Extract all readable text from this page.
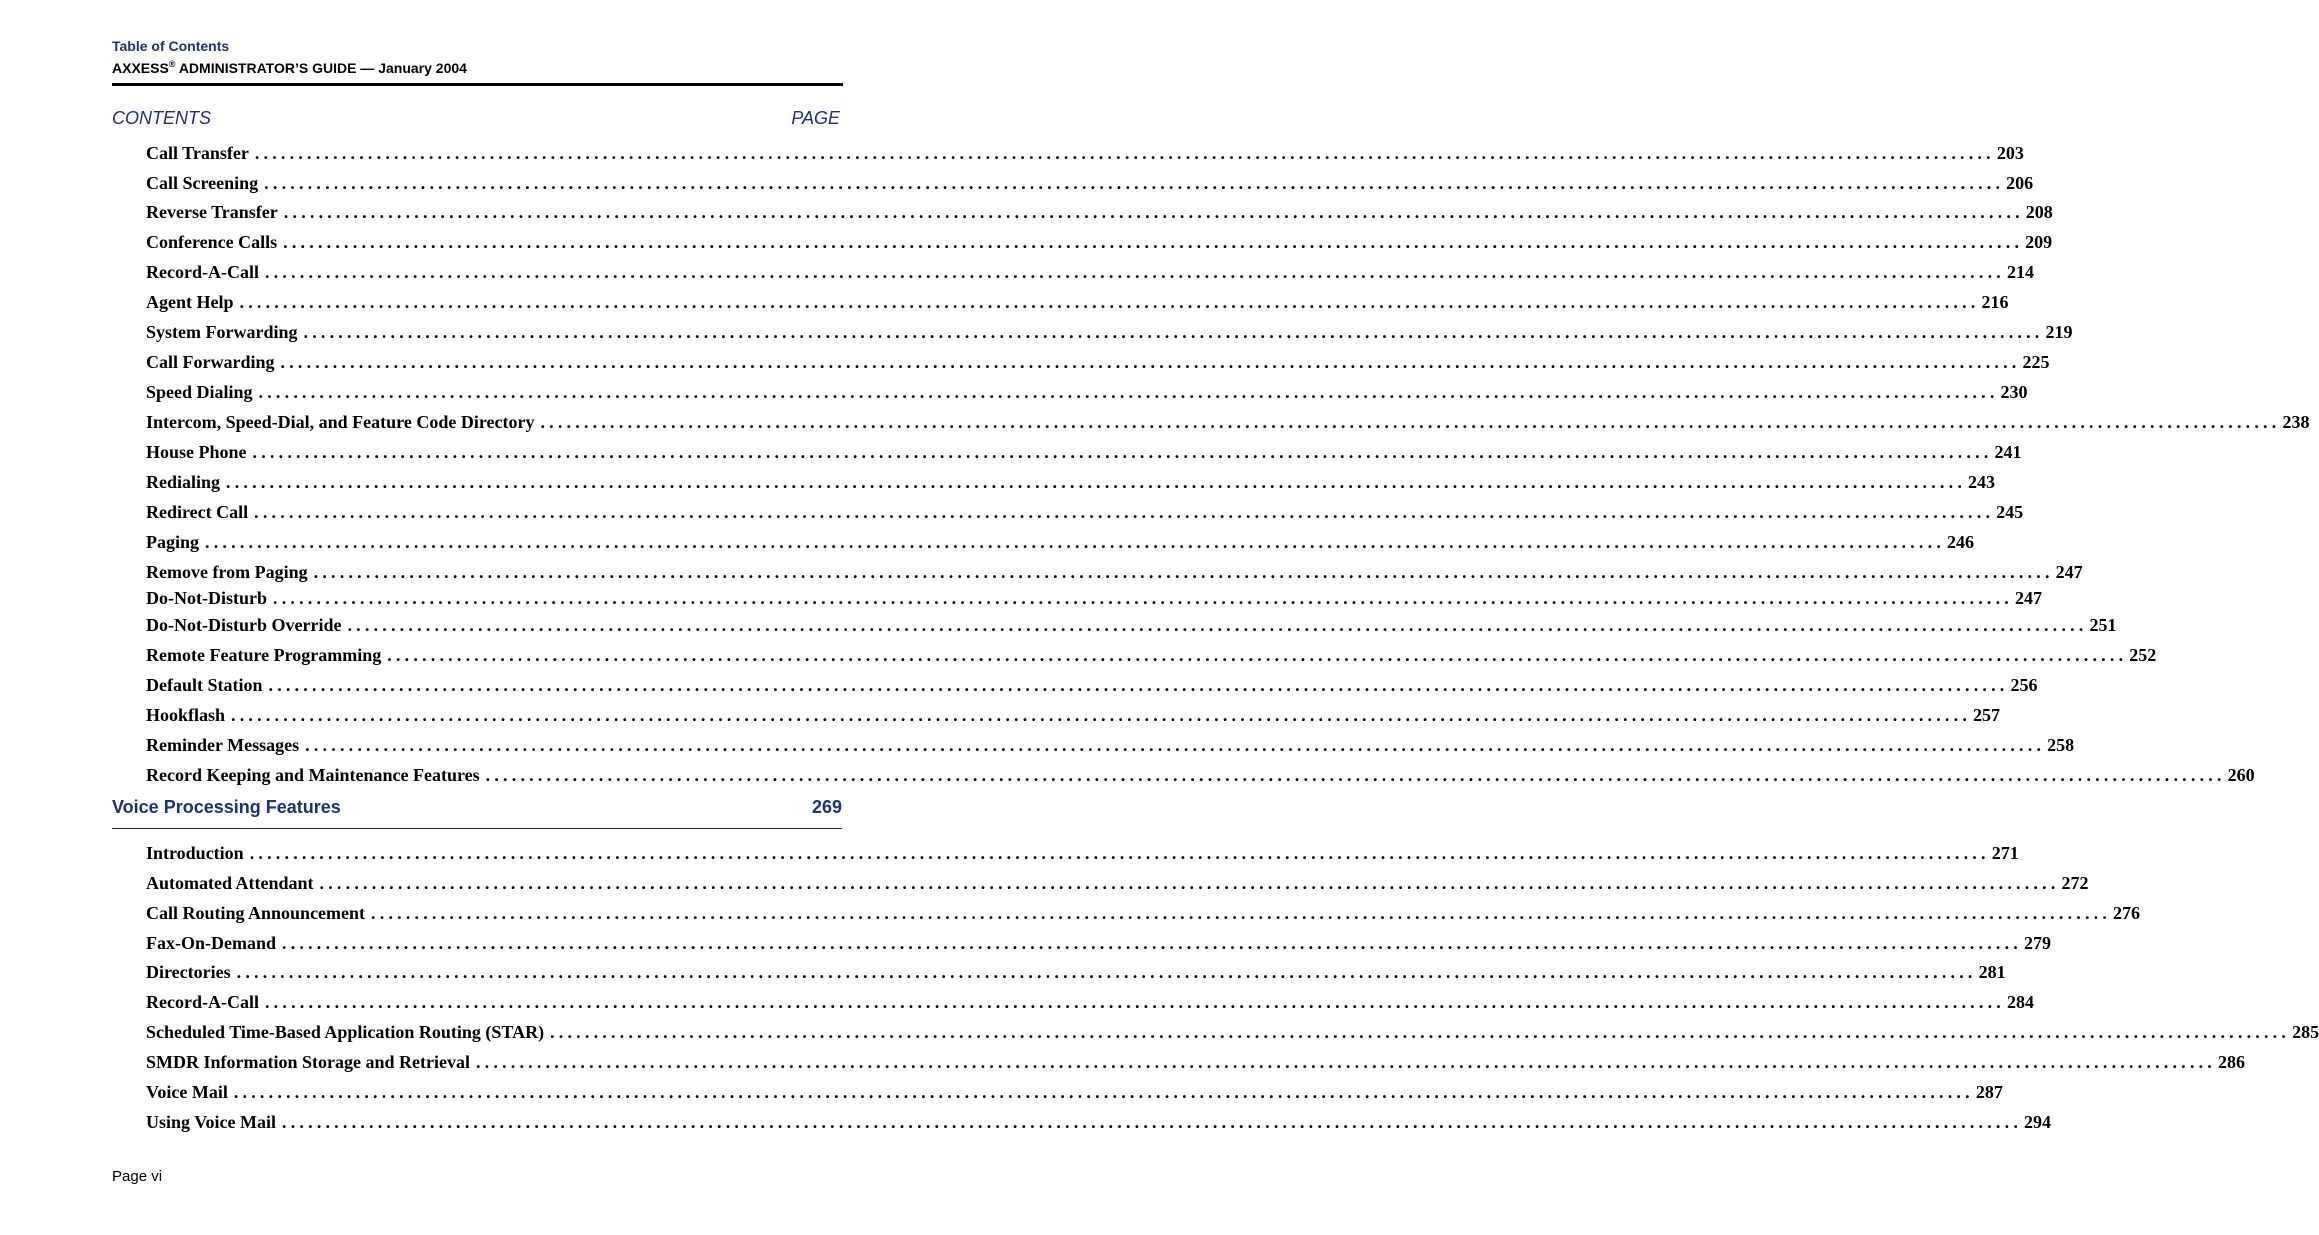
Table of Contents
AXXESS® ADMINISTRATOR’S GUIDE — January 2004
CONTENTS	PAGE
Call Transfer ........................................................................................................................................................................................................ 203
Call Screening ........................................................................................................................................................................................................ 206
Reverse Transfer ........................................................................................................................................................................................................ 208
Conference Calls ........................................................................................................................................................................................................ 209
Record-A-Call ........................................................................................................................................................................................................ 214
Agent Help ........................................................................................................................................................................................................ 216
System Forwarding ........................................................................................................................................................................................................ 219
Call Forwarding ........................................................................................................................................................................................................ 225
Speed Dialing ........................................................................................................................................................................................................ 230
Intercom, Speed-Dial, and Feature Code Directory ........................................................................................................................................................................................................ 238
House Phone ........................................................................................................................................................................................................ 241
Redialing ........................................................................................................................................................................................................ 243
Redirect Call ........................................................................................................................................................................................................ 245
Paging ........................................................................................................................................................................................................ 246
Remove from Paging ........................................................................................................................................................................................................ 247
Do-Not-Disturb ........................................................................................................................................................................................................ 247
Do-Not-Disturb Override ........................................................................................................................................................................................................ 251
Remote Feature Programming ........................................................................................................................................................................................................ 252
Default Station ........................................................................................................................................................................................................ 256
Hookflash ........................................................................................................................................................................................................ 257
Reminder Messages ........................................................................................................................................................................................................ 258
Record Keeping and Maintenance Features ........................................................................................................................................................................................................ 260
Voice Processing Features	269
Introduction ........................................................................................................................................................................................................ 271
Automated Attendant ........................................................................................................................................................................................................ 272
Call Routing Announcement ........................................................................................................................................................................................................ 276
Fax-On-Demand ........................................................................................................................................................................................................ 279
Directories ........................................................................................................................................................................................................ 281
Record-A-Call ........................................................................................................................................................................................................ 284
Scheduled Time-Based Application Routing (STAR) ........................................................................................................................................................................................................ 285
SMDR Information Storage and Retrieval ........................................................................................................................................................................................................ 286
Voice Mail ........................................................................................................................................................................................................ 287
Using Voice Mail ........................................................................................................................................................................................................ 294
Page vi
